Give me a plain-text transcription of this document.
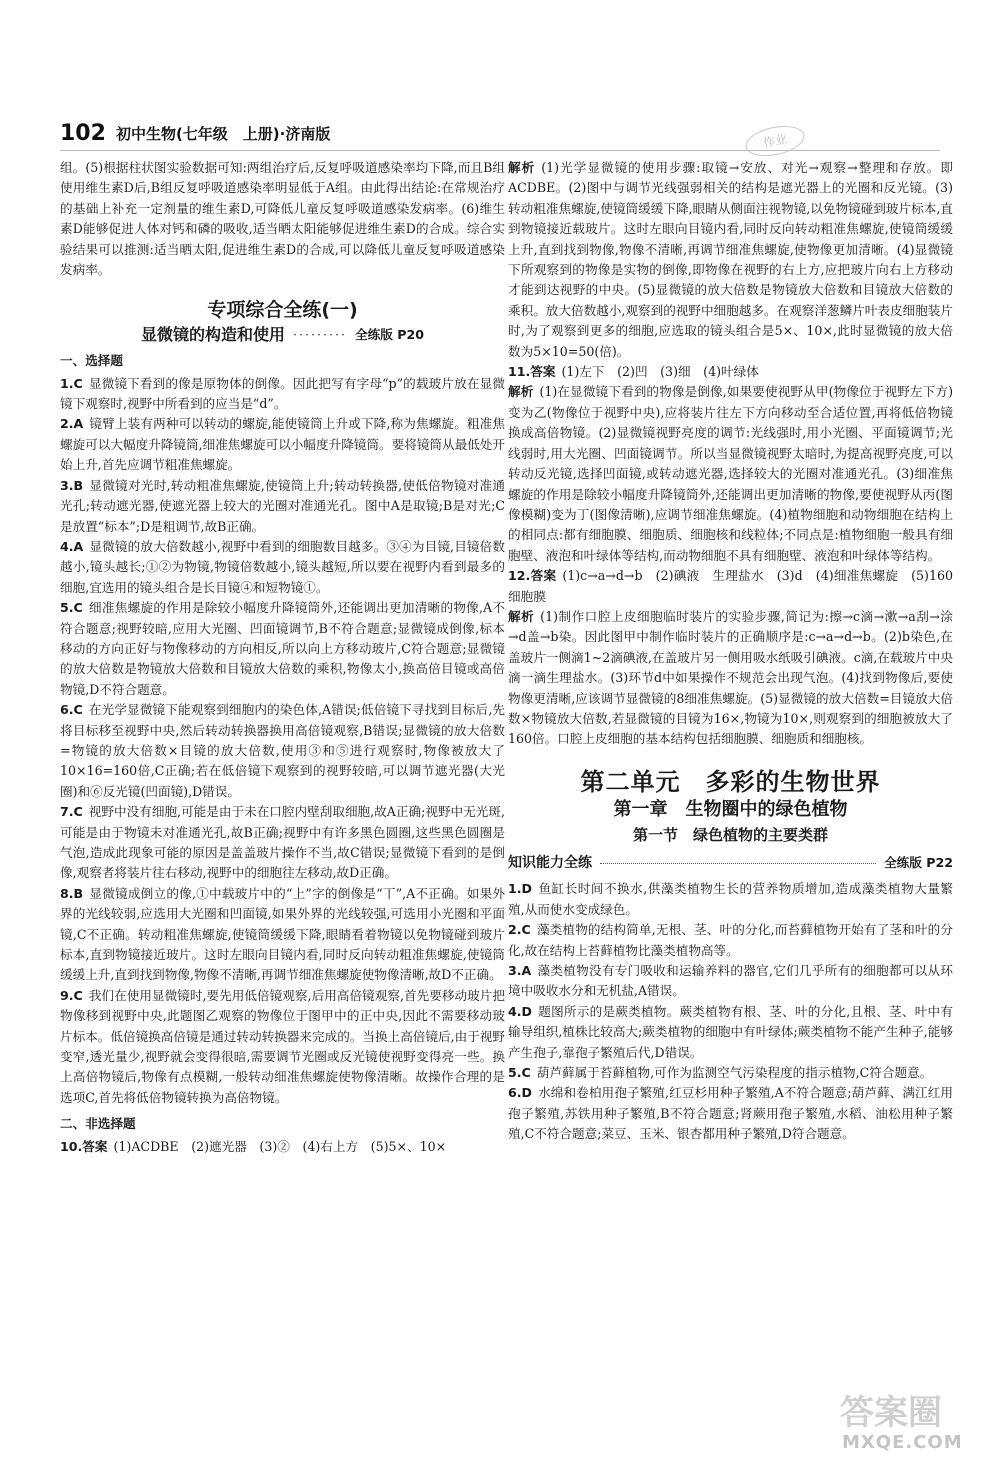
102 初中生物(七年级　上册)·济南版	作业

组。(5)根据柱状图实验数据可知:两组治疗后,反复呼吸道感染率均下降,而且B组使用维生素D后,B组反复呼吸道感染率明显低于A组。由此得出结论:在常规治疗的基础上补充一定剂量的维生素D,可降低儿童反复呼吸道感染发病率。(6)维生素D能够促进人体对钙和磷的吸收,适当晒太阳能够促进维生素D的合成。综合实验结果可以推测:适当晒太阳,促进维生素D的合成,可以降低儿童反复呼吸道感染发病率。

专项综合全练(一)
显微镜的构造和使用 ········· 全练版 P20
一、选择题

1.C 显微镜下看到的像是原物体的倒像。因此把写有字母“p”的载玻片放在显微镜下观察时,视野中所看到的应当是“d”。

2.A 镜臂上装有两种可以转动的螺旋,能使镜筒上升或下降,称为焦螺旋。粗准焦螺旋可以大幅度升降镜筒,细准焦螺旋可以小幅度升降镜筒。要将镜筒从最低处开始上升,首先应调节粗准焦螺旋。

3.B 显微镜对光时,转动粗准焦螺旋,使镜筒上升;转动转换器,使低倍物镜对准通光孔;转动遮光器,使遮光器上较大的光圈对准通光孔。图中A是取镜;B是对光;C是放置“标本”;D是粗调节,故B正确。

4.A 显微镜的放大倍数越小,视野中看到的细胞数目越多。③④为目镜,目镜倍数越小,镜头越长;①②为物镜,物镜倍数越小,镜头越短,所以要在视野内看到最多的细胞,宜选用的镜头组合是长目镜④和短物镜①。

5.C 细准焦螺旋的作用是除较小幅度升降镜筒外,还能调出更加清晰的物像,A不符合题意;视野较暗,应用大光圈、凹面镜调节,B不符合题意;显微镜成倒像,标本移动的方向正好与物像移动的方向相反,所以向上方移动玻片,C符合题意;显微镜的放大倍数是物镜放大倍数和目镜放大倍数的乘积,物像太小,换高倍目镜或高倍物镜,D不符合题意。

6.C 在光学显微镜下能观察到细胞内的染色体,A错误;低倍镜下寻找到目标后,先将目标移至视野中央,然后转动转换器换用高倍镜观察,B错误;显微镜的放大倍数=物镜的放大倍数×目镜的放大倍数,使用③和⑤进行观察时,物像被放大了10×16=160倍,C正确;若在低倍镜下观察到的视野较暗,可以调节遮光器(大光圈)和⑥反光镜(凹面镜),D错误。

7.C 视野中没有细胞,可能是由于未在口腔内壁刮取细胞,故A正确;视野中无光斑,可能是由于物镜未对准通光孔,故B正确;视野中有许多黑色圆圈,这些黑色圆圈是气泡,造成此现象可能的原因是盖盖玻片操作不当,故C错误;显微镜下看到的是倒像,观察者将装片往右移动,视野中的细胞往左移动,故D正确。

8.B 显微镜成倒立的像,①中载玻片中的“上”字的倒像是“丅”,A不正确。如果外界的光线较弱,应选用大光圈和凹面镜,如果外界的光线较强,可选用小光圈和平面镜,C不正确。转动粗准焦螺旋,使镜筒缓缓下降,眼睛看着物镜以免物镜碰到玻片标本,直到物镜接近玻片。这时左眼向目镜内看,同时反向转动粗准焦螺旋,使镜筒缓缓上升,直到找到物像,物像不清晰,再调节细准焦螺旋使物像清晰,故D不正确。

9.C 我们在使用显微镜时,要先用低倍镜观察,后用高倍镜观察,首先要移动玻片把物像移到视野中央,此题图乙观察的物像位于图甲中的正中央,因此不需要移动玻片标本。低倍镜换高倍镜是通过转动转换器来完成的。当换上高倍镜后,由于视野变窄,透光量少,视野就会变得很暗,需要调节光圈或反光镜使视野变得亮一些。换上高倍物镜后,物像有点模糊,一般转动细准焦螺旋使物像清晰。故操作合理的是选项C,首先将低倍物镜转换为高倍物镜。

二、非选择题

10.答案 (1)ACDBE　(2)遮光器　(3)②　(4)右上方　(5)5×、10×

解析 (1)光学显微镜的使用步骤:取镜→安放、对光→观察→整理和存放。即ACDBE。(2)图中与调节光线强弱相关的结构是遮光器上的光圈和反光镜。(3)转动粗准焦螺旋,使镜筒缓缓下降,眼睛从侧面注视物镜,以免物镜碰到玻片标本,直到物镜接近载玻片。这时左眼向目镜内看,同时反向转动粗准焦螺旋,使镜筒缓缓上升,直到找到物像,物像不清晰,再调节细准焦螺旋,使物像更加清晰。(4)显微镜下所观察到的物像是实物的倒像,即物像在视野的右上方,应把玻片向右上方移动才能到达视野的中央。(5)显微镜的放大倍数是物镜放大倍数和目镜放大倍数的乘积。放大倍数越小,观察到的视野中细胞越多。在观察洋葱鳞片叶表皮细胞装片时,为了观察到更多的细胞,应选取的镜头组合是5×、10×,此时显微镜的放大倍数为5×10=50(倍)。

11.答案 (1)左下　(2)凹　(3)细　(4)叶绿体

解析 (1)在显微镜下看到的物像是倒像,如果要使视野从甲(物像位于视野左下方)变为乙(物像位于视野中央),应将装片往左下方向移动至合适位置,再将低倍物镜换成高倍物镜。(2)显微镜视野亮度的调节:光线强时,用小光圈、平面镜调节;光线弱时,用大光圈、凹面镜调节。所以当显微镜视野太暗时,为提高视野亮度,可以转动反光镜,选择凹面镜,或转动遮光器,选择较大的光圈对准通光孔。(3)细准焦螺旋的作用是除较小幅度升降镜筒外,还能调出更加清晰的物像,要使视野从丙(图像模糊)变为丁(图像清晰),应调节细准焦螺旋。(4)植物细胞和动物细胞在结构上的相同点:都有细胞膜、细胞质、细胞核和线粒体;不同点是:植物细胞一般具有细胞壁、液泡和叶绿体等结构,而动物细胞不具有细胞壁、液泡和叶绿体等结构。

12.答案 (1)c→a→d→b　(2)碘液　生理盐水　(3)d　(4)细准焦螺旋　(5)160　细胞膜

解析 (1)制作口腔上皮细胞临时装片的实验步骤,简记为:擦→c滴→漱→a刮→涂→d盖→b染。因此图甲中制作临时装片的正确顺序是:c→a→d→b。(2)b染色,在盖玻片一侧滴1~2滴碘液,在盖玻片另一侧用吸水纸吸引碘液。c滴,在载玻片中央滴一滴生理盐水。(3)环节d中如果操作不规范会出现气泡。(4)找到物像后,要使物像更清晰,应该调节显微镜的8细准焦螺旋。(5)显微镜的放大倍数=目镜放大倍数×物镜放大倍数,若显微镜的目镜为16×,物镜为10×,则观察到的细胞被放大了160倍。口腔上皮细胞的基本结构包括细胞膜、细胞质和细胞核。

第二单元　多彩的生物世界
第一章　生物圈中的绿色植物
第一节　绿色植物的主要类群
知识能力全练	全练版 P22

1.D 鱼缸长时间不换水,供藻类植物生长的营养物质增加,造成藻类植物大量繁殖,从而使水变成绿色。

2.C 藻类植物的结构简单,无根、茎、叶的分化,而苔藓植物开始有了茎和叶的分化,故在结构上苔藓植物比藻类植物高等。

3.A 藻类植物没有专门吸收和运输养料的器官,它们几乎所有的细胞都可以从环境中吸收水分和无机盐,A错误。

4.D 题图所示的是蕨类植物。蕨类植物有根、茎、叶的分化,且根、茎、叶中有输导组织,植株比较高大;蕨类植物的细胞中有叶绿体;蕨类植物不能产生种子,能够产生孢子,靠孢子繁殖后代,D错误。

5.C 葫芦藓属于苔藓植物,可作为监测空气污染程度的指示植物,C符合题意。

6.D 水绵和卷柏用孢子繁殖,红豆杉用种子繁殖,A不符合题意;葫芦藓、满江红用孢子繁殖,苏铁用种子繁殖,B不符合题意;肾蕨用孢子繁殖,水稻、油松用种子繁殖,C不符合题意;菜豆、玉米、银杏都用种子繁殖,D符合题意。

答案圈
MXQE.COM
